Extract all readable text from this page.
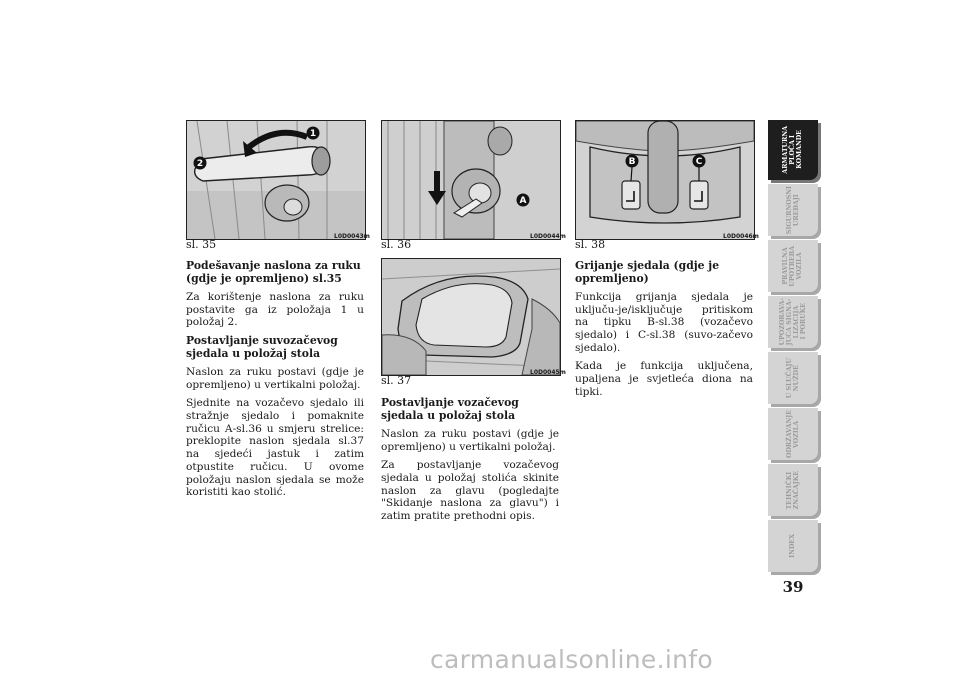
1
2
sl. 35
L0D0043m
A
sl. 36
L0D0044m
sl. 37
L0D0045m
B	C
sl. 38
L0D0046m
Podešavanje naslona za ruku (gdje je opremljeno) sl.35

Za korištenje naslona za ruku postavite ga iz položaja 1 u položaj 2.

Postavljanje suvozačevog sjedala u položaj stola

Naslon za ruku postavi (gdje je opremljeno) u vertikalni položaj.

Sjednite na vozačevo sjedalo ili stražnje sjedalo i pomaknite ručicu A-sl.36 u smjeru strelice: preklopite naslon sjedala sl.37 na sjedeći jastuk i zatim otpustite ručicu. U ovome položaju naslon sjedala se može koristiti kao stolić.

Postavljanje vozačevog sjedala u položaj stola

Naslon za ruku postavi (gdje je opremljeno) u vertikalni položaj.

Za postavljanje vozačevog sjedala u položaj stolića skinite naslon za glavu (pogledajte "Skidanje naslona za glavu") i zatim pratite prethodni opis.

Grijanje sjedala (gdje je opremljeno)

Funkcija grijanja sjedala je uključu-je/isključuje pritiskom na tipku B-sl.38 (vozačevo sjedalo) i C-sl.38 (suvo-začevo sjedalo).

Kada je funkcija uključena, upaljena je svjetleća diona na tipki.

ARMATURNA
PLOČA I
KOMANDE
SIGURNOSNI
UREĐAJI
PRAVILNA
UPOTREBA
VOZILA
UPOZORAVA-
JUĆA SIGNA-
LIZACIJA
I PORUKE
U SLUČAJU
NUŽDE
ODRŽAVANJE
VOZILA
TEHNIČKI
ZNAČAJKE
INDEX
39
carmanualsonline.info
